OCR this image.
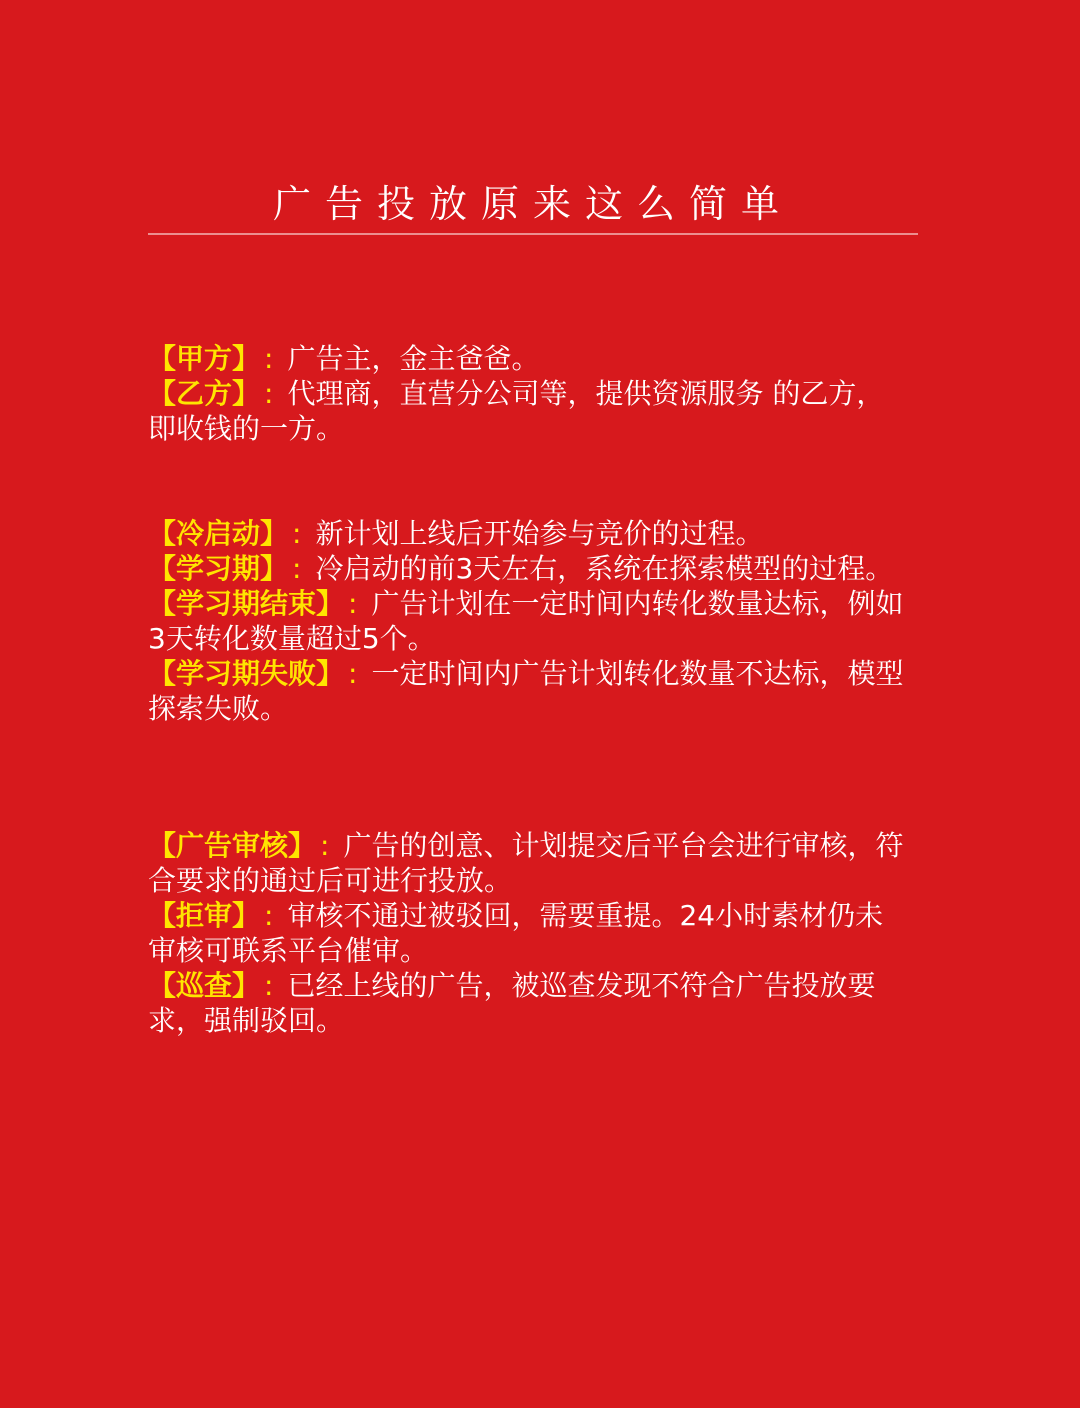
广告投放原来这么简单

【甲方】 : 广告主，金主爸爸。

【乙方】 : 代理商，直营分公司等，提供资源服务 的乙方，即收钱的一方。

【冷启动】 : 新计划上线后开始参与竞价的过程。

【学习期】 : 冷启动的前3天左右，系统在探索模型的过程。

【学习期结束】 : 广告计划在一定时间内转化数量达标，例如3天转化数量超过5个。

【学习期失败】 : 一定时间内广告计划转化数量不达标，模型探索失败。

【广告审核】 : 广告的创意、计划提交后平台会进行审核，符合要求的通过后可进行投放。

【拒审】 : 审核不通过被驳回，需要重提。24小时素材仍未审核可联系平台催审。

【巡查】 : 已经上线的广告，被巡查发现不符合广告投放要求，强制驳回。
